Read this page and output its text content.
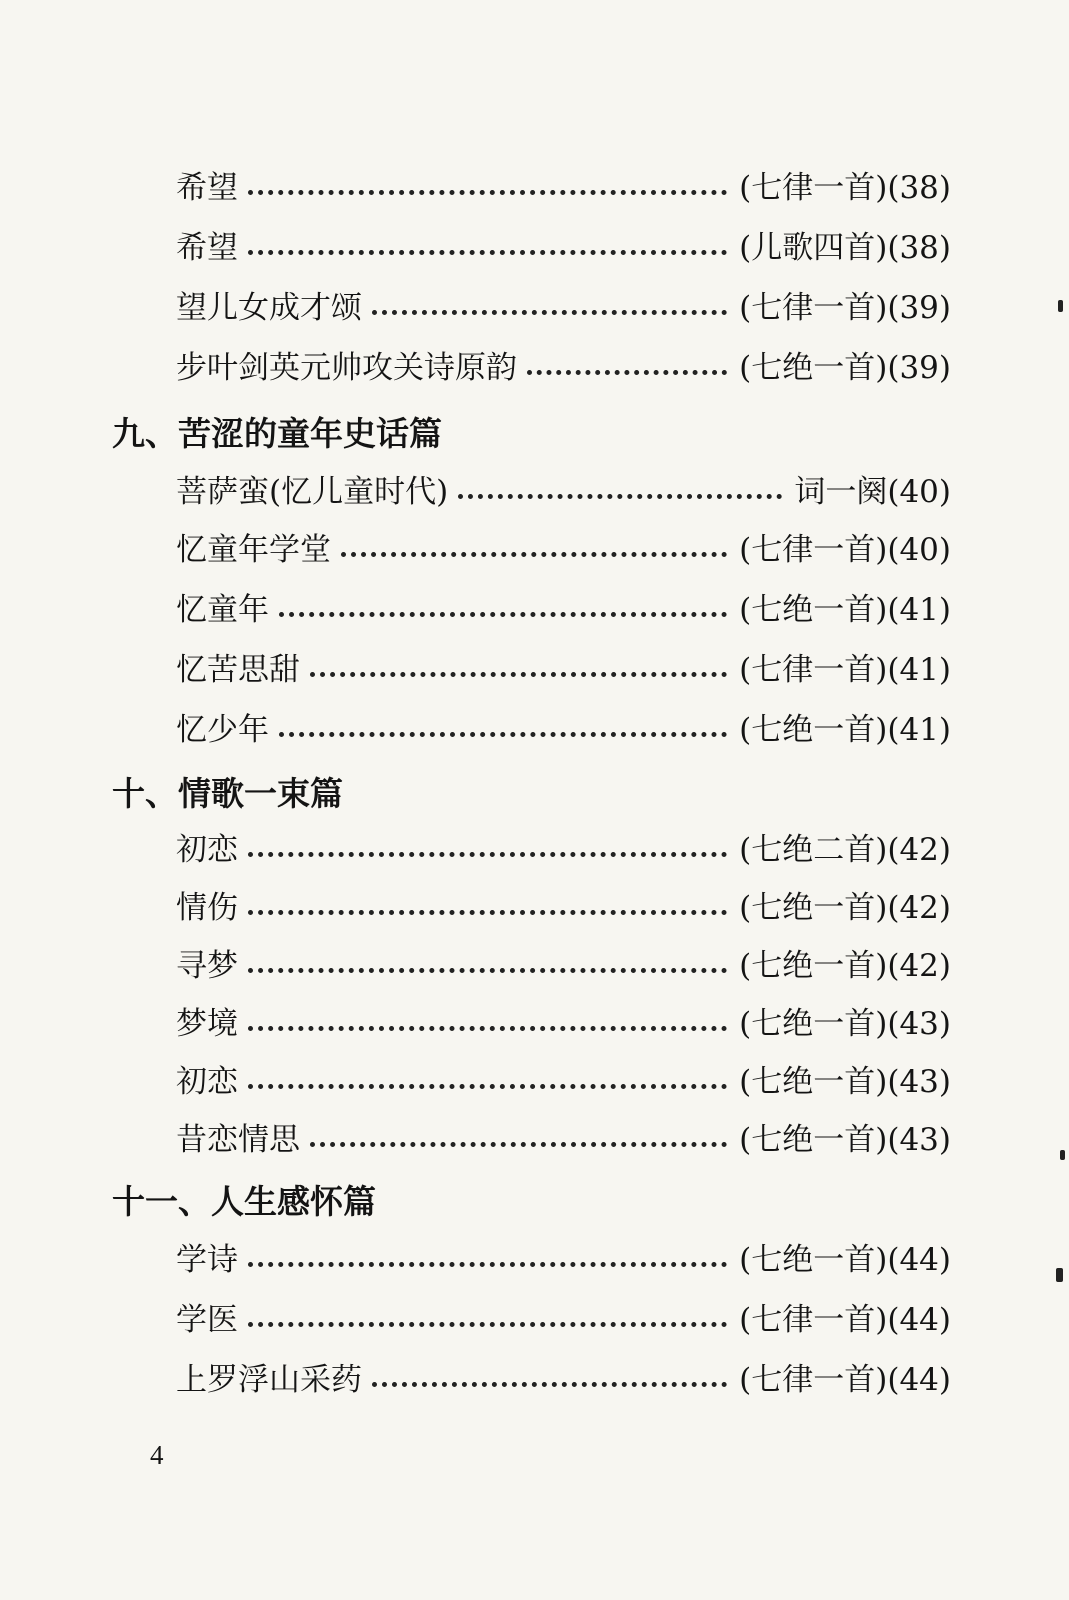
希望	(七律一首)(38)
希望	(儿歌四首)(38)
望儿女成才颂	(七律一首)(39)
步叶剑英元帅攻关诗原韵	(七绝一首)(39)
九、苦涩的童年史话篇
菩萨蛮(忆儿童时代)	词一阕(40)
忆童年学堂	(七律一首)(40)
忆童年	(七绝一首)(41)
忆苦思甜	(七律一首)(41)
忆少年	(七绝一首)(41)
十、情歌一束篇
初恋	(七绝二首)(42)
情伤	(七绝一首)(42)
寻梦	(七绝一首)(42)
梦境	(七绝一首)(43)
初恋	(七绝一首)(43)
昔恋情思	(七绝一首)(43)
十一、人生感怀篇
学诗	(七绝一首)(44)
学医	(七律一首)(44)
上罗浮山采药	(七律一首)(44)
4
